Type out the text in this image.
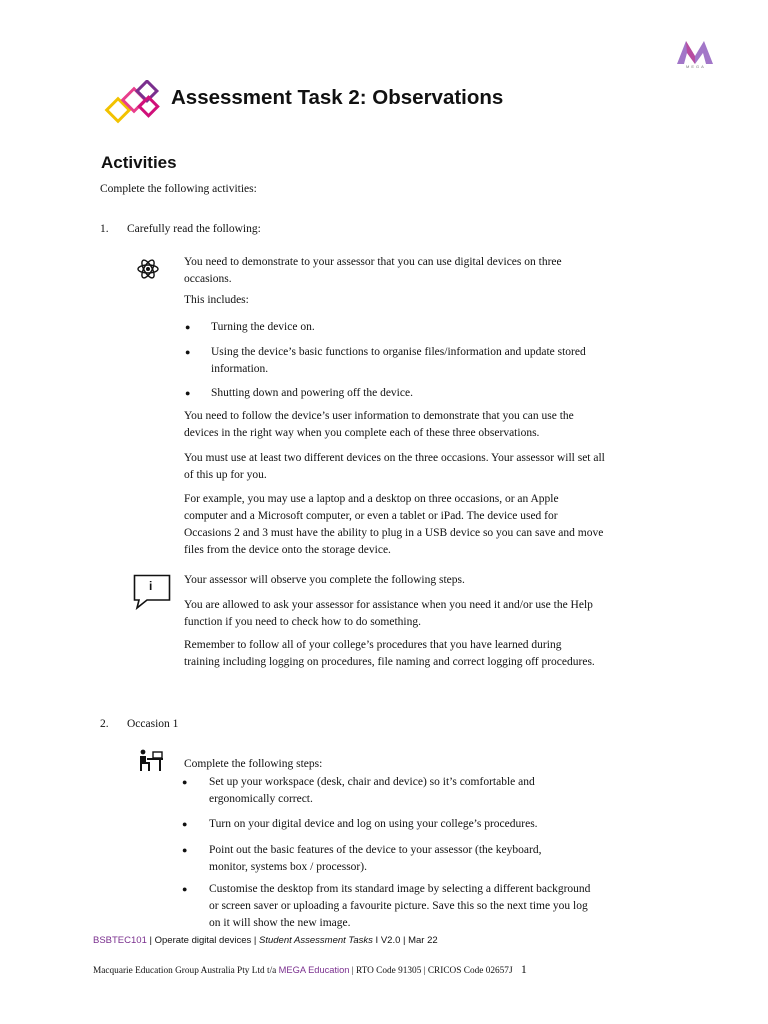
MEGA
Assessment Task 2: Observations
Activities
Complete the following activities:
1. Carefully read the following:
You need to demonstrate to your assessor that you can use digital devices on three
occasions.
This includes:
● Turning the device on.
● Using the device’s basic functions to organise files/information and update stored
information.
● Shutting down and powering off the device.
You need to follow the device’s user information to demonstrate that you can use the
devices in the right way when you complete each of these three observations.
You must use at least two different devices on the three occasions. Your assessor will set all
of this up for you.
For example, you may use a laptop and a desktop on three occasions, or an Apple
computer and a Microsoft computer, or even a tablet or iPad. The device used for
Occasions 2 and 3 must have the ability to plug in a USB device so you can save and move
files from the device onto the storage device.
i	Your assessor will observe you complete the following steps.
You are allowed to ask your assessor for assistance when you need it and/or use the Help
function if you need to check how to do something.
Remember to follow all of your college’s procedures that you have learned during
training including logging on procedures, file naming and correct logging off procedures.
2. Occasion 1
Complete the following steps:
● Set up your workspace (desk, chair and device) so it’s comfortable and
ergonomically correct.
● Turn on your digital device and log on using your college’s procedures.
● Point out the basic features of the device to your assessor (the keyboard,
monitor, systems box / processor).
● Customise the desktop from its standard image by selecting a different background
or screen saver or uploading a favourite picture. Save this so the next time you log
on it will show the new image.
BSBTEC101 | Operate digital devices | Student Assessment Tasks I V2.0 | Mar 22
Macquarie Education Group Australia Pty Ltd t/a MEGA Education | RTO Code 91305 | CRICOS Code 02657J 1
